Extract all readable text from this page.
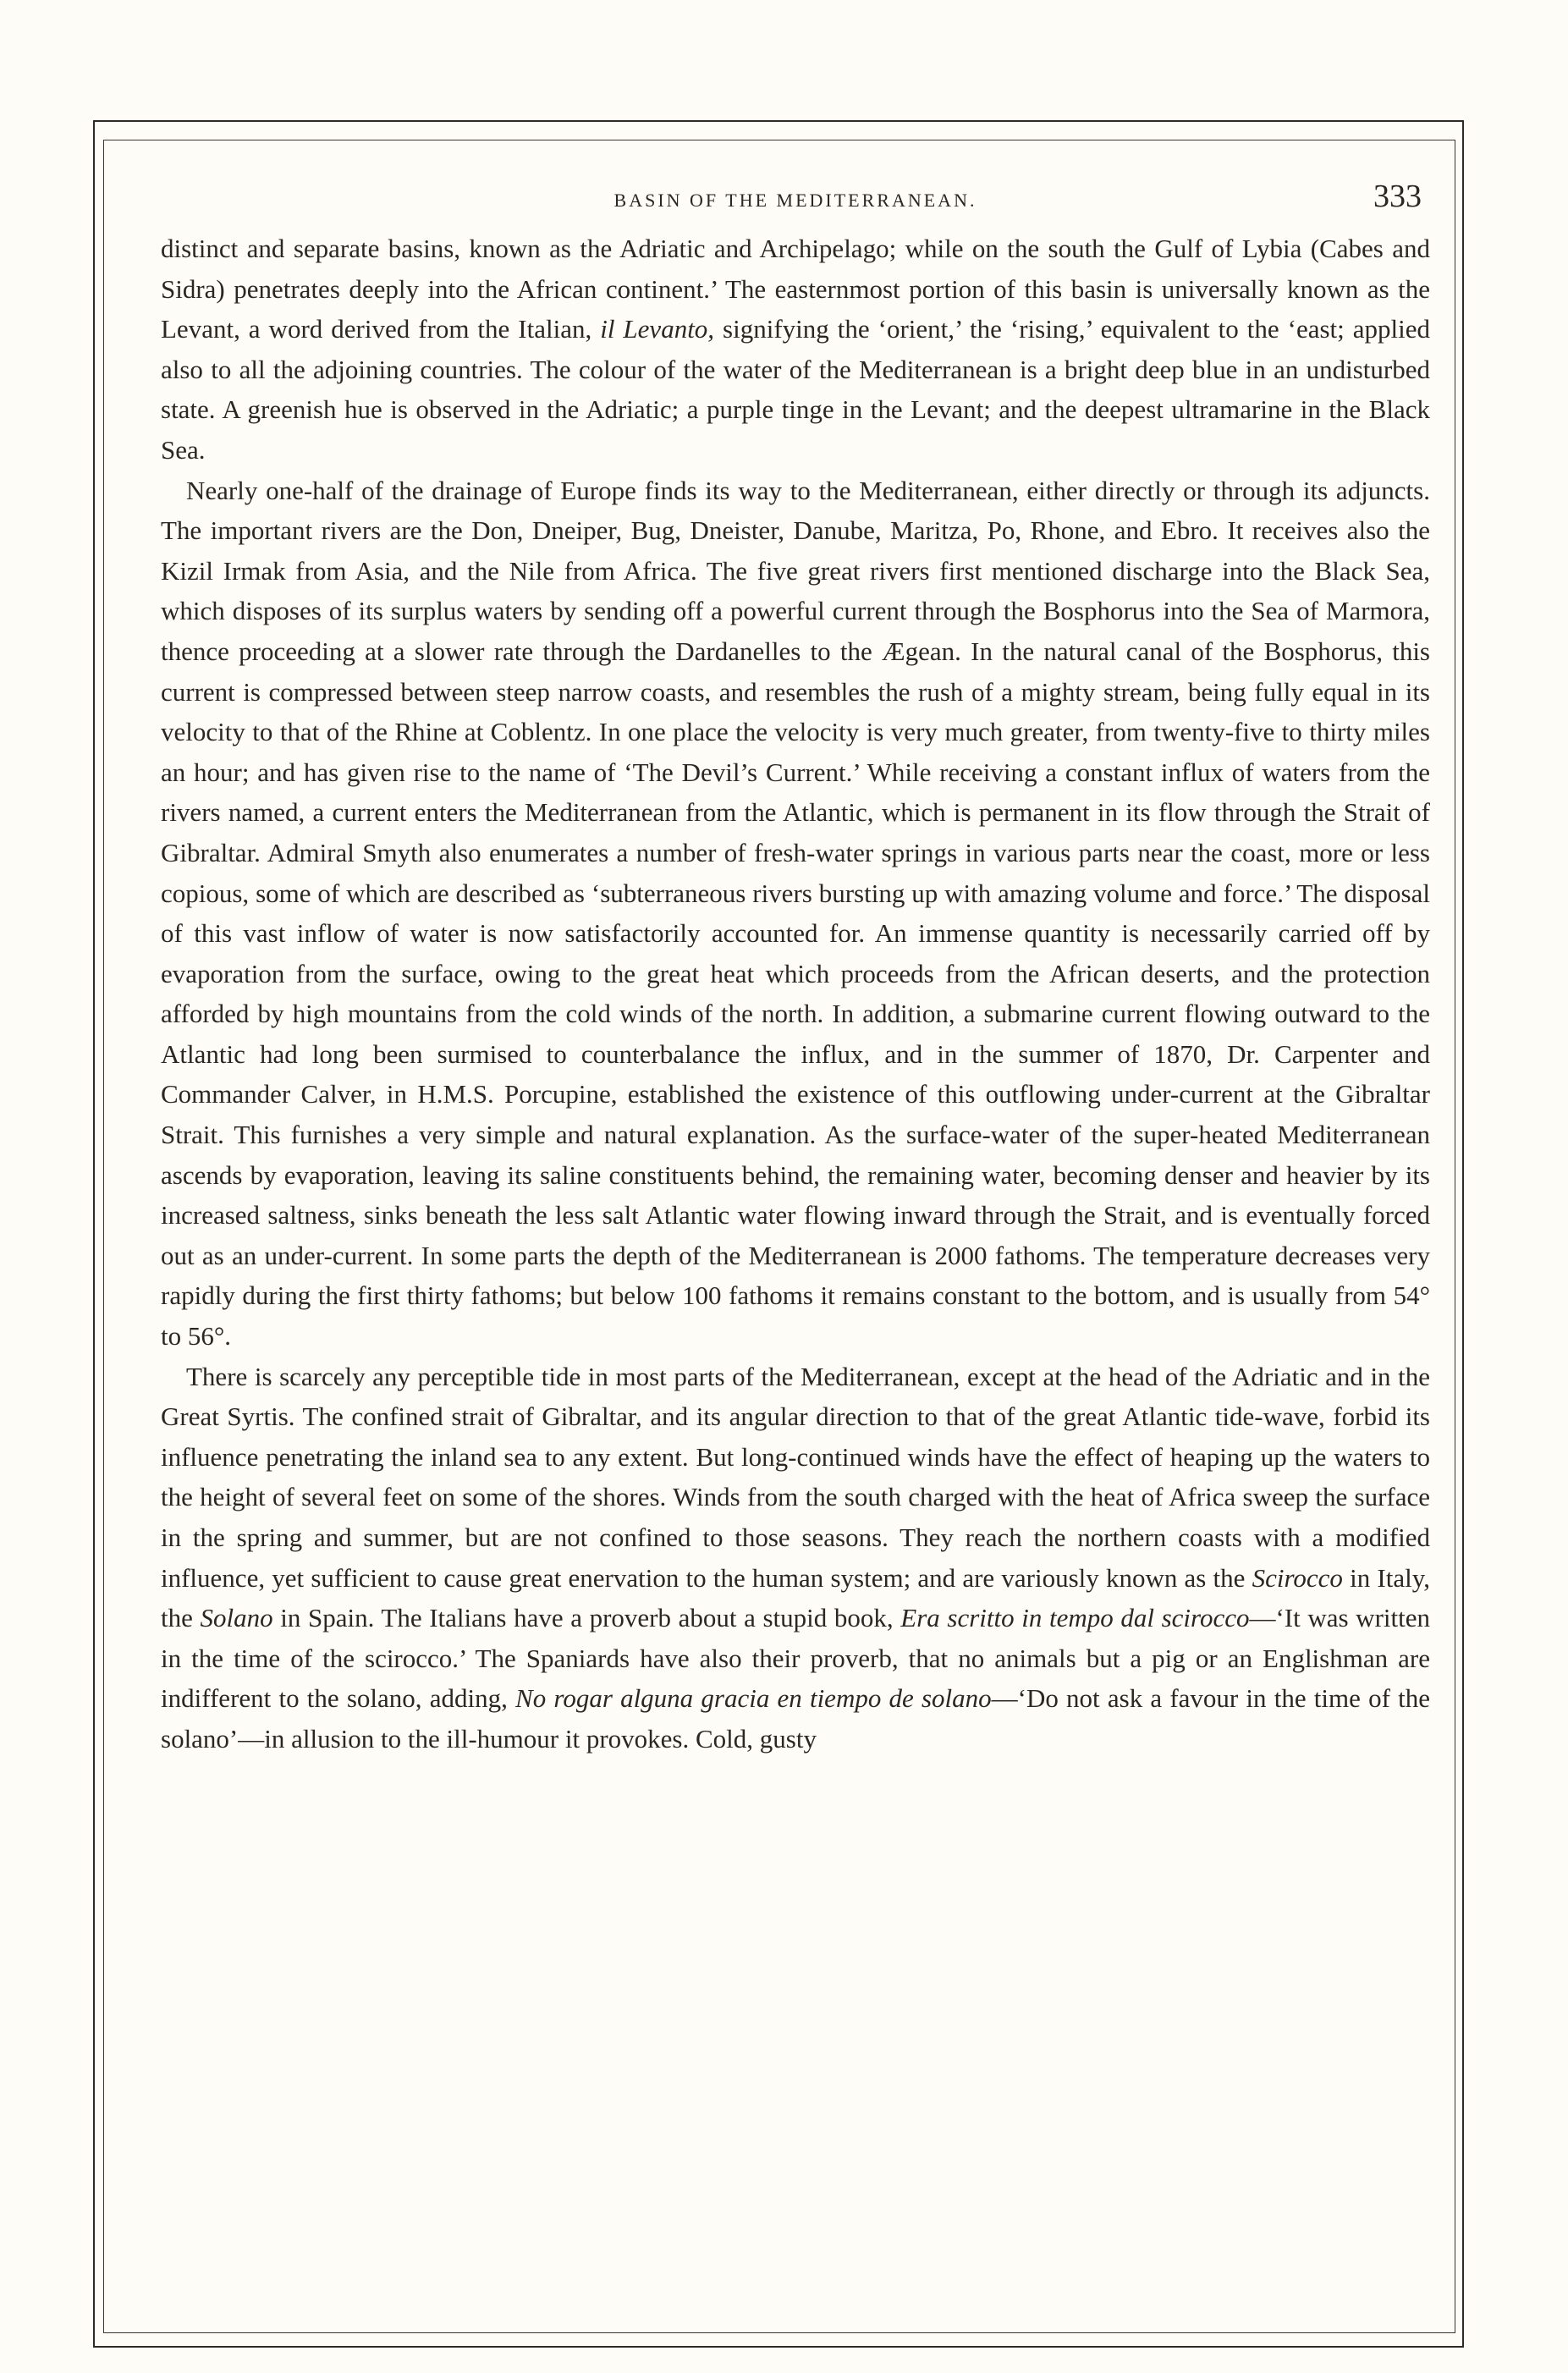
BASIN OF THE MEDITERRANEAN.	333

distinct and separate basins, known as the Adriatic and Archipelago; while on the south the Gulf of Lybia (Cabes and Sidra) penetrates deeply into the African continent.’ The easternmost portion of this basin is universally known as the Levant, a word derived from the Italian, il Levanto, signifying the ‘orient,’ the ‘rising,’ equivalent to the ‘east; applied also to all the adjoining countries. The colour of the water of the Mediterranean is a bright deep blue in an undisturbed state. A greenish hue is observed in the Adriatic; a purple tinge in the Levant; and the deepest ultramarine in the Black Sea.

Nearly one-half of the drainage of Europe finds its way to the Mediterranean, either directly or through its adjuncts. The important rivers are the Don, Dneiper, Bug, Dneister, Danube, Maritza, Po, Rhone, and Ebro. It receives also the Kizil Irmak from Asia, and the Nile from Africa. The five great rivers first mentioned discharge into the Black Sea, which disposes of its surplus waters by sending off a powerful current through the Bosphorus into the Sea of Marmora, thence proceeding at a slower rate through the Dardanelles to the Ægean. In the natural canal of the Bosphorus, this current is compressed between steep narrow coasts, and resembles the rush of a mighty stream, being fully equal in its velocity to that of the Rhine at Coblentz. In one place the velocity is very much greater, from twenty-five to thirty miles an hour; and has given rise to the name of ‘The Devil’s Current.’ While receiving a constant influx of waters from the rivers named, a current enters the Mediterranean from the Atlantic, which is permanent in its flow through the Strait of Gibraltar. Admiral Smyth also enumerates a number of fresh-water springs in various parts near the coast, more or less copious, some of which are described as ‘subterraneous rivers bursting up with amazing volume and force.’ The disposal of this vast inflow of water is now satisfactorily accounted for. An immense quantity is necessarily carried off by evaporation from the surface, owing to the great heat which proceeds from the African deserts, and the protection afforded by high mountains from the cold winds of the north. In addition, a submarine current flowing outward to the Atlantic had long been surmised to counterbalance the influx, and in the summer of 1870, Dr. Carpenter and Commander Calver, in H.M.S. Porcupine, established the existence of this outflowing under-current at the Gibraltar Strait. This furnishes a very simple and natural explanation. As the surface-water of the super-heated Mediterranean ascends by evaporation, leaving its saline constituents behind, the remaining water, becoming denser and heavier by its increased saltness, sinks beneath the less salt Atlantic water flowing inward through the Strait, and is eventually forced out as an under-current. In some parts the depth of the Mediterranean is 2000 fathoms. The temperature decreases very rapidly during the first thirty fathoms; but below 100 fathoms it remains constant to the bottom, and is usually from 54° to 56°.

There is scarcely any perceptible tide in most parts of the Mediterranean, except at the head of the Adriatic and in the Great Syrtis. The confined strait of Gibraltar, and its angular direction to that of the great Atlantic tide-wave, forbid its influence penetrating the inland sea to any extent. But long-continued winds have the effect of heaping up the waters to the height of several feet on some of the shores. Winds from the south charged with the heat of Africa sweep the surface in the spring and summer, but are not confined to those seasons. They reach the northern coasts with a modified influence, yet sufficient to cause great enervation to the human system; and are variously known as the Scirocco in Italy, the Solano in Spain. The Italians have a proverb about a stupid book, Era scritto in tempo dal scirocco—‘It was written in the time of the scirocco.’ The Spaniards have also their proverb, that no animals but a pig or an Englishman are indifferent to the solano, adding, No rogar alguna gracia en tiempo de solano—‘Do not ask a favour in the time of the solano’—in allusion to the ill-humour it provokes. Cold, gusty
